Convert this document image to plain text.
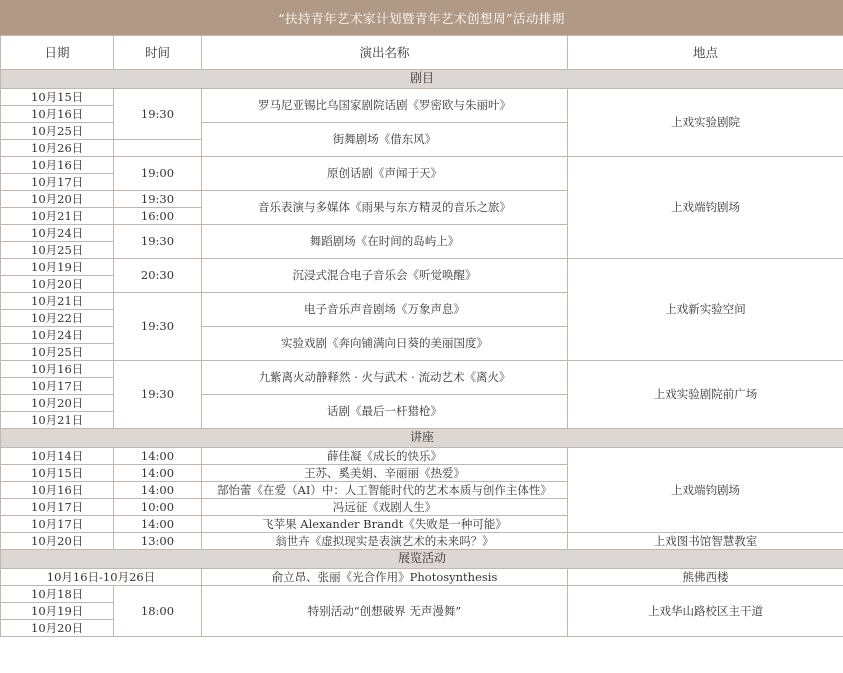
“扶持青年艺术家计划暨青年艺术创想周”活动排期
日期	时间	演出名称	地点
剧目			
10月15日	19:30	罗马尼亚锡比乌国家剧院话剧《罗密欧与朱丽叶》	上戏实验剧院
10月16日			
10月25日		街舞剧场《借东风》	
10月26日			

10月16日	19:00	原创话剧《声闻于天》	上戏端钧剧场
10月17日			
10月20日	19:30	音乐表演与多媒体《雨果与东方精灵的音乐之旅》	
10月21日	16:00		
10月24日	19:30	舞蹈剧场《在时间的岛屿上》	
10月25日			
10月19日	20:30	沉浸式混合电子音乐会《听觉唤醒》	上戏新实验空间
10月20日			
10月21日	19:30	电子音乐声音剧场《万象声息》	
10月22日			
10月24日		实验戏剧《奔向铺满向日葵的美丽国度》	
10月25日			
10月16日	19:30	九紫离火动静释然 · 火与武术 · 流动艺术《离火》	上戏实验剧院前广场
10月17日			
10月20日		话剧《最后一杆猎枪》	
10月21日			
讲座			
10月14日	14:00	薛佳凝《成长的快乐》	上戏端钧剧场
10月15日	14:00	王苏、奚美娟、辛丽丽《热爱》	
10月16日	14:00	郜怡蕾《在爱（AI）中：人工智能时代的艺术本质与创作主体性》	
10月17日	10:00	冯远征《戏剧人生》	
10月17日	14:00	飞苹果 Alexander Brandt《失败是一种可能》	
10月20日	13:00	翁世卉《虚拟现实是表演艺术的未来吗？》	上戏图书馆智慧教室
展览活动			
10月16日-10月26日		俞立昂、张丽《光合作用》Photosynthesis	熊佛西楼
10月18日	18:00	特别活动“创想破界 无声漫舞”	上戏华山路校区主干道
10月19日			
10月20日			
